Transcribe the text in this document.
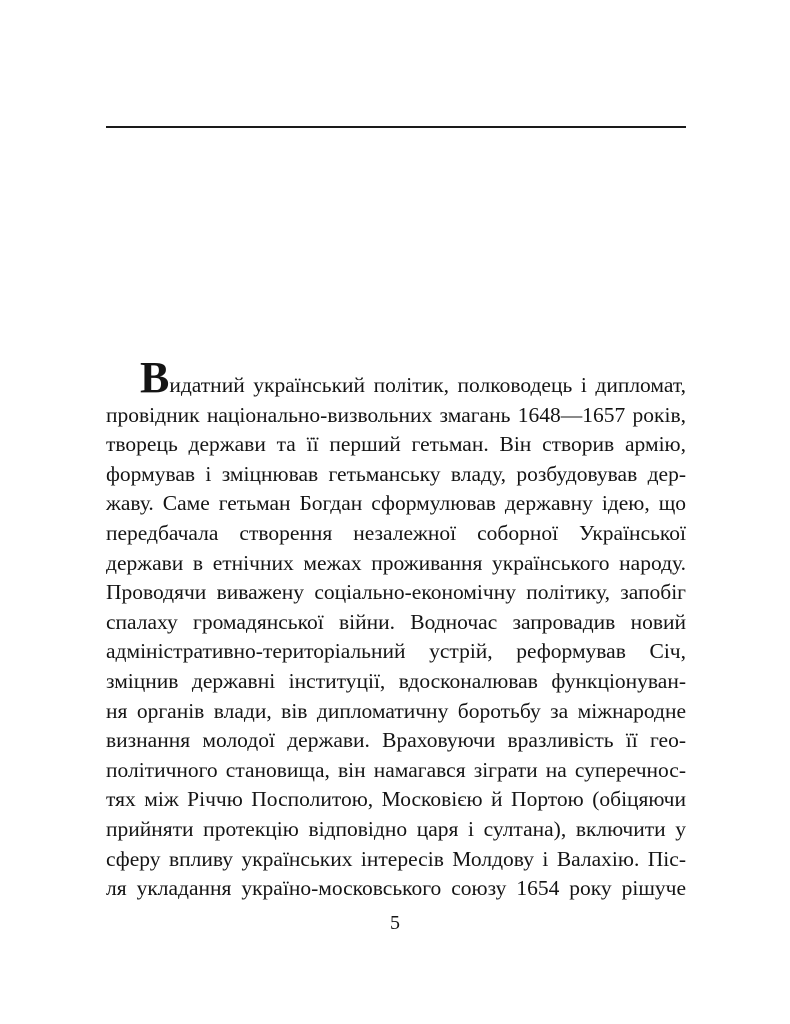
Видатний український політик, полководець і дипломат,
провідник національно-визвольних змагань 1648—1657 років,
творець держави та її перший гетьман. Він створив армію,
формував і зміцнював гетьманську владу, розбудовував дер-
жаву. Саме гетьман Богдан сформулював державну ідею, що
передбачала створення незалежної соборної Української
держави в етнічних межах проживання українського народу.
Проводячи виважену соціально-економічну політику, запобіг
спалаху громадянської війни. Водночас запровадив новий
адміністративно-територіальний устрій, реформував Січ,
зміцнив державні інституції, вдосконалював функціонуван-
ня органів влади, вів дипломатичну боротьбу за міжнародне
визнання молодої держави. Враховуючи вразливість її гео-
політичного становища, він намагався зіграти на суперечнос-
тях між Річчю Посполитою, Московією й Портою (обіцяючи
прийняти протекцію відповідно царя і султана), включити у
сферу впливу українських інтересів Молдову і Валахію. Піс-
ля укладання україно-московського союзу 1654 року рішуче
5
